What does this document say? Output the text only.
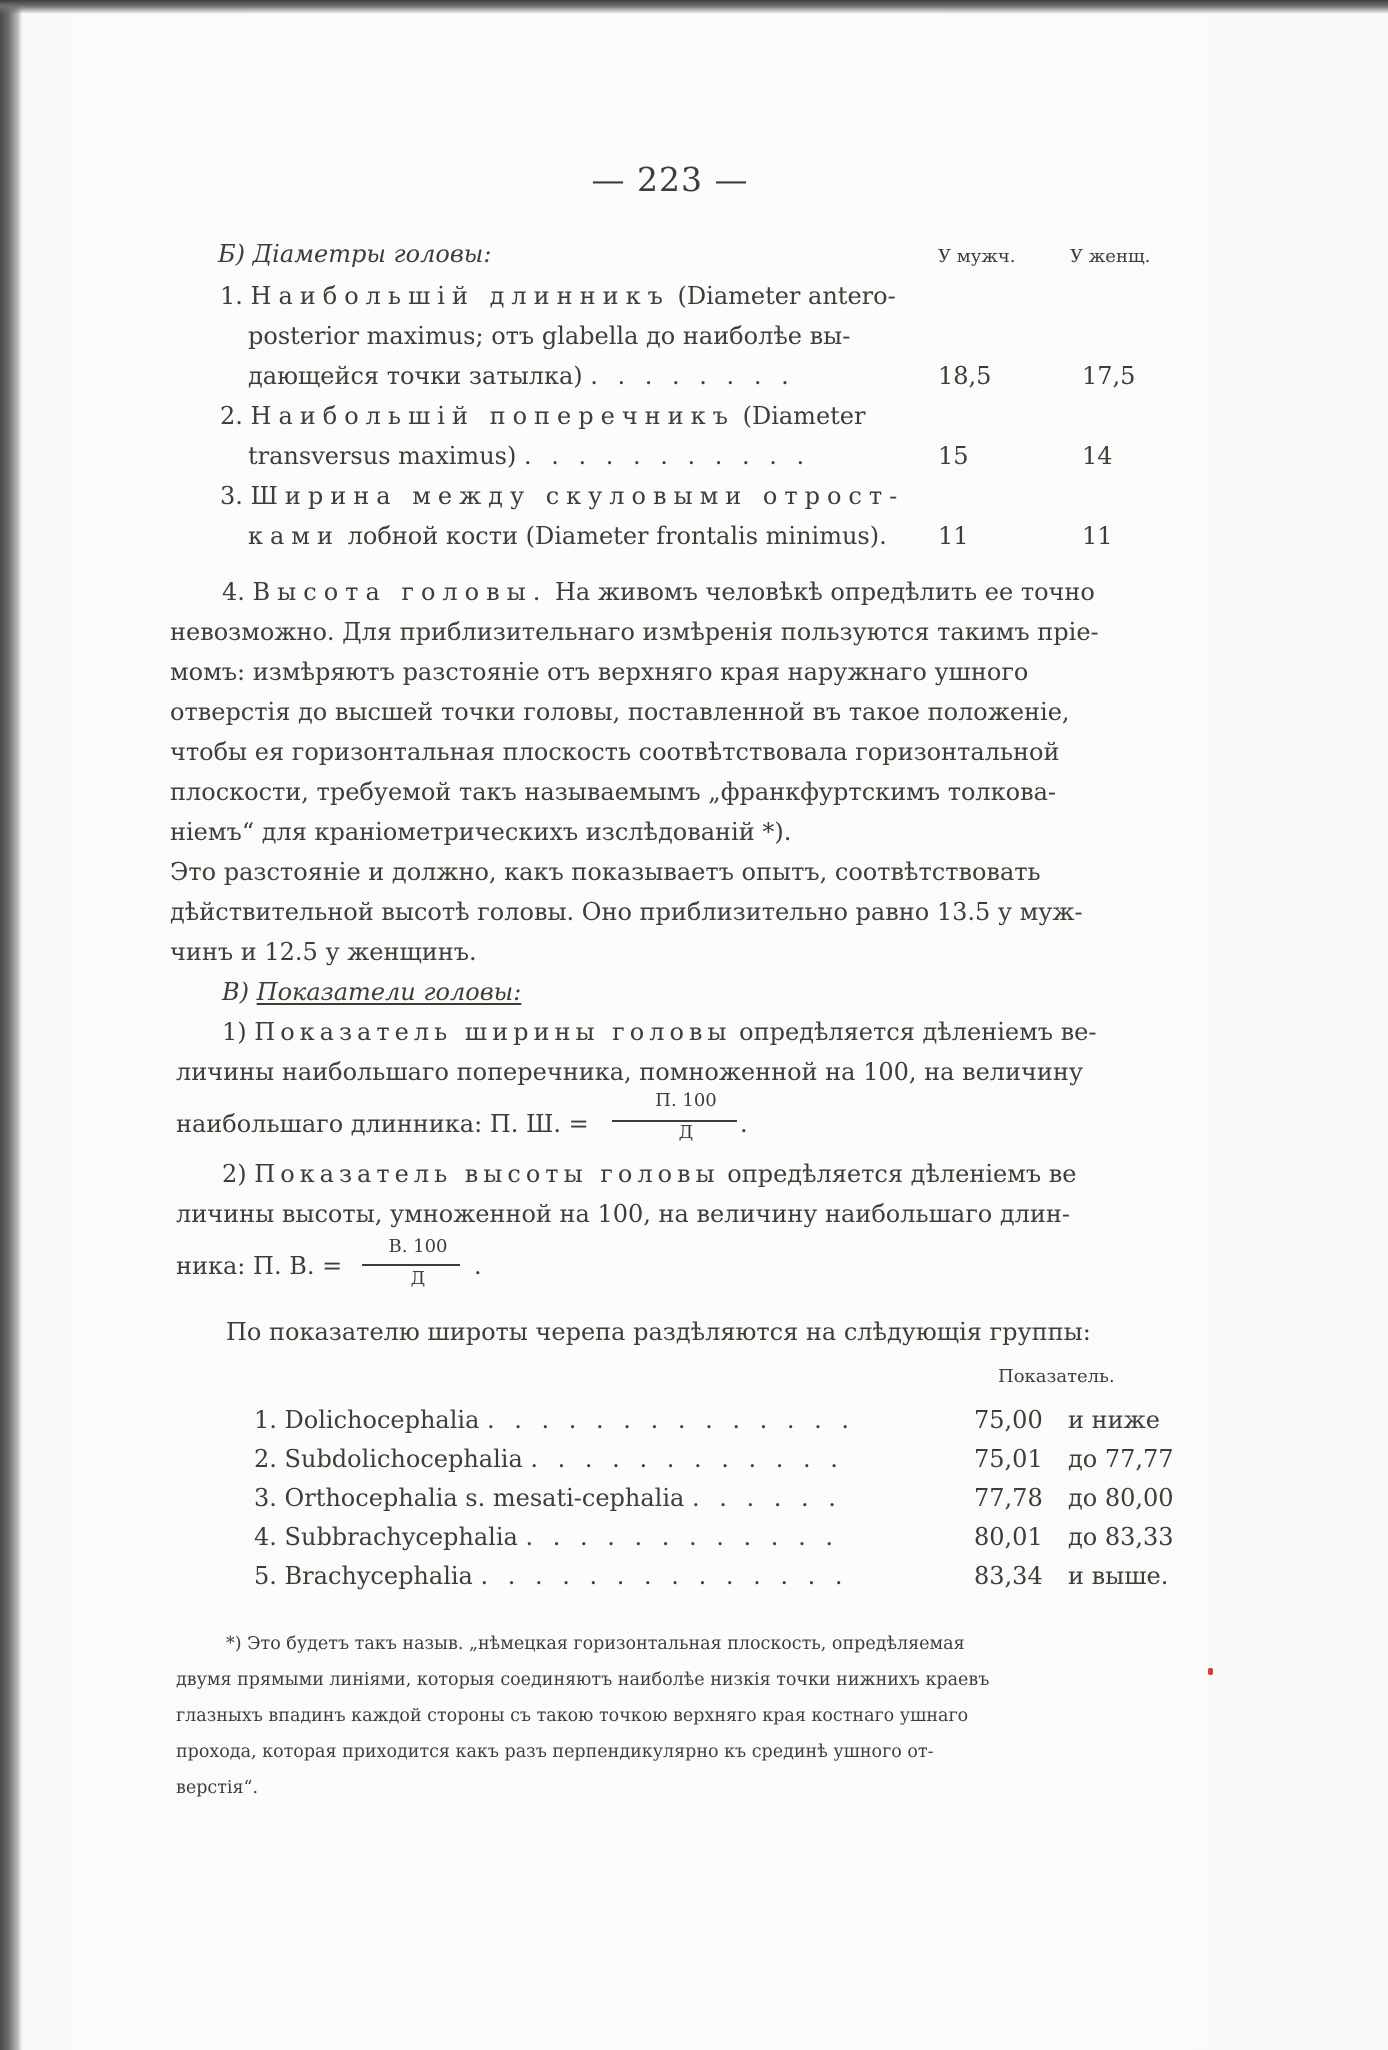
— 223 —
Б) Діаметры головы:	У мужч.	У женщ.
1. Наибольшій длинникъ (Diameter antero-
posterior maximus; отъ glabella до наиболѣе вы-
дающейся точки затылка) . . . . . . . .	18,5	17,5
2. Наибольшій поперечникъ (Diameter
transversus maximus) . . . . . . . . . . .	15	14
3. Ширина между скуловыми отрост-
ками лобной кости (Diameter frontalis minimus). 11	11
4. Высота головы. На живомъ человѣкѣ опредѣлить ее точно
невозможно. Для приблизительнаго измѣренія пользуются такимъ пріе-
момъ: измѣряютъ разстояніе отъ верхняго края наружнаго ушного
отверстія до высшей точки головы, поставленной въ такое положеніе,
чтобы ея горизонтальная плоскость соотвѣтствовала горизонтальной
плоскости, требуемой такъ называемымъ „франкфуртскимъ толкова-
ніемъ“ для краніометрическихъ изслѣдованій *).
Это разстояніе и должно, какъ показываетъ опытъ, соотвѣтствовать
дѣйствительной высотѣ головы. Оно приблизительно равно 13.5 у муж-
чинъ и 12.5 у женщинъ.
В) Показатели головы:
1) Показатель ширины головы опредѣляется дѣленіемъ ве-
личины наибольшаго поперечника, помноженной на 100, на величину
наибольшаго длинника: П. Ш. =
П. 100
Д	.
2) Показатель высоты головы опредѣляется дѣленіемъ ве
личины высоты, умноженной на 100, на величину наибольшаго длин-
ника: П. В. =
В. 100
Д	.
По показателю широты черепа раздѣляются на слѣдующія группы:
Показатель.
1. Dolichocephalia . . . . . . . . . . . . . .	75,00 и ниже
2. Subdolichocephalia . . . . . . . . . . . .	75,01 до 77,77
3. Orthocephalia s. mesati-cephalia . . . . . .	77,78 до 80,00
4. Subbrachycephalia . . . . . . . . . . . .	80,01 до 83,33
5. Brachycephalia . . . . . . . . . . . . . .	83,34 и выше.
*) Это будетъ такъ назыв. „нѣмецкая горизонтальная плоскость, опредѣляемая
двумя прямыми линіями, которыя соединяютъ наиболѣе низкія точки нижнихъ краевъ
глазныхъ впадинъ каждой стороны съ такою точкою верхняго края костнаго ушнаго
прохода, которая приходится какъ разъ перпендикулярно къ срединѣ ушного от-
верстія“.
